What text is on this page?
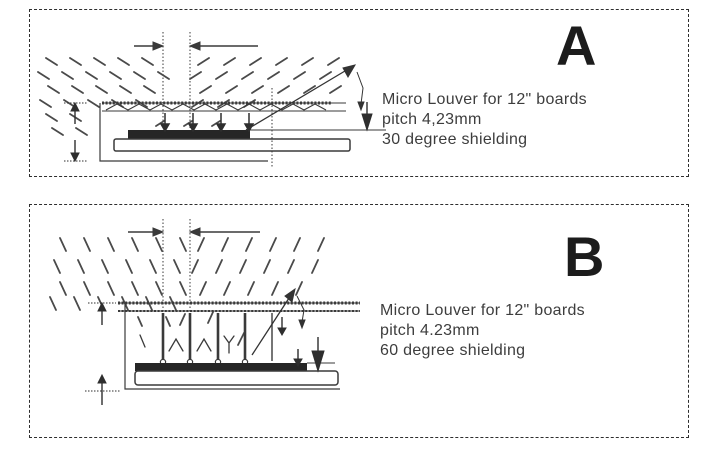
A
Micro Louver for 12" boards
pitch 4,23mm
30 degree shielding
B
Micro Louver for 12" boards
pitch 4.23mm
60 degree shielding
